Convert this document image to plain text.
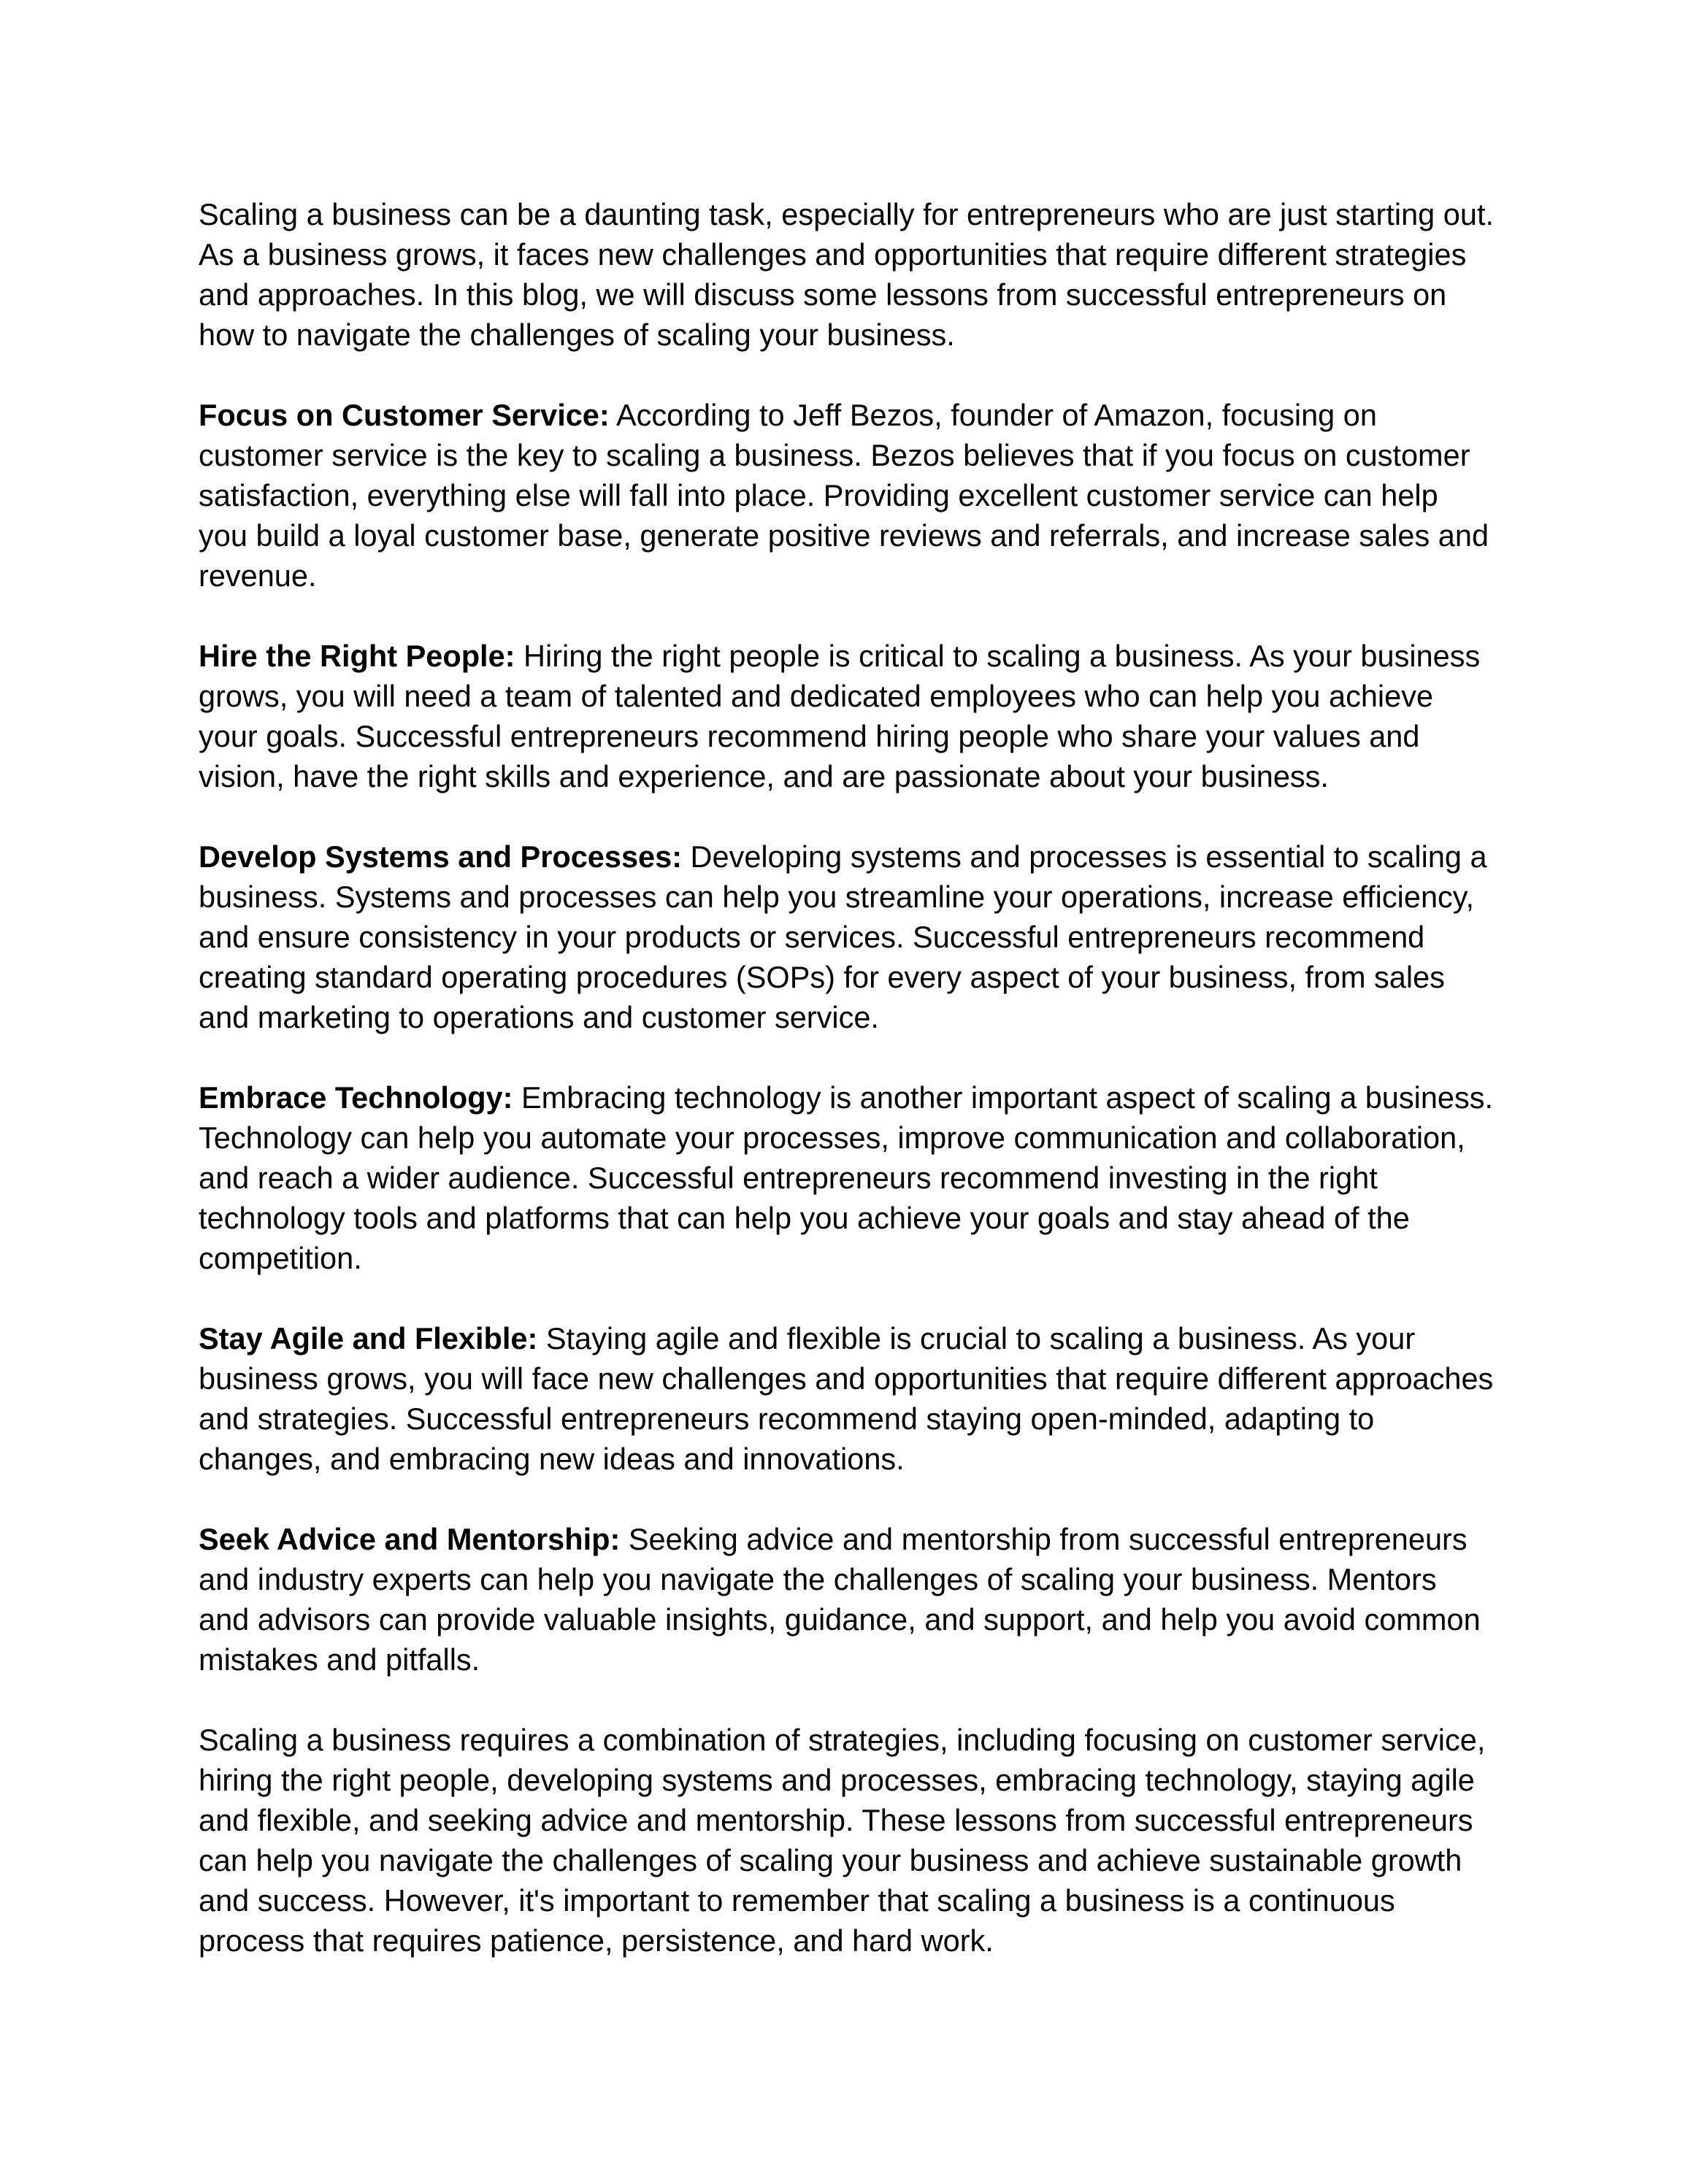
Scaling a business can be a daunting task, especially for entrepreneurs who are just starting out. As a business grows, it faces new challenges and opportunities that require different strategies and approaches. In this blog, we will discuss some lessons from successful entrepreneurs on how to navigate the challenges of scaling your business.

Focus on Customer Service: According to Jeff Bezos, founder of Amazon, focusing on customer service is the key to scaling a business. Bezos believes that if you focus on customer satisfaction, everything else will fall into place. Providing excellent customer service can help you build a loyal customer base, generate positive reviews and referrals, and increase sales and revenue.

Hire the Right People: Hiring the right people is critical to scaling a business. As your business grows, you will need a team of talented and dedicated employees who can help you achieve your goals. Successful entrepreneurs recommend hiring people who share your values and vision, have the right skills and experience, and are passionate about your business.

Develop Systems and Processes: Developing systems and processes is essential to scaling a business. Systems and processes can help you streamline your operations, increase efficiency, and ensure consistency in your products or services. Successful entrepreneurs recommend creating standard operating procedures (SOPs) for every aspect of your business, from sales and marketing to operations and customer service.

Embrace Technology: Embracing technology is another important aspect of scaling a business. Technology can help you automate your processes, improve communication and collaboration, and reach a wider audience. Successful entrepreneurs recommend investing in the right technology tools and platforms that can help you achieve your goals and stay ahead of the competition.

Stay Agile and Flexible: Staying agile and flexible is crucial to scaling a business. As your business grows, you will face new challenges and opportunities that require different approaches and strategies. Successful entrepreneurs recommend staying open-minded, adapting to changes, and embracing new ideas and innovations.

Seek Advice and Mentorship: Seeking advice and mentorship from successful entrepreneurs and industry experts can help you navigate the challenges of scaling your business. Mentors and advisors can provide valuable insights, guidance, and support, and help you avoid common mistakes and pitfalls.

Scaling a business requires a combination of strategies, including focusing on customer service, hiring the right people, developing systems and processes, embracing technology, staying agile and flexible, and seeking advice and mentorship. These lessons from successful entrepreneurs can help you navigate the challenges of scaling your business and achieve sustainable growth and success. However, it's important to remember that scaling a business is a continuous process that requires patience, persistence, and hard work.
